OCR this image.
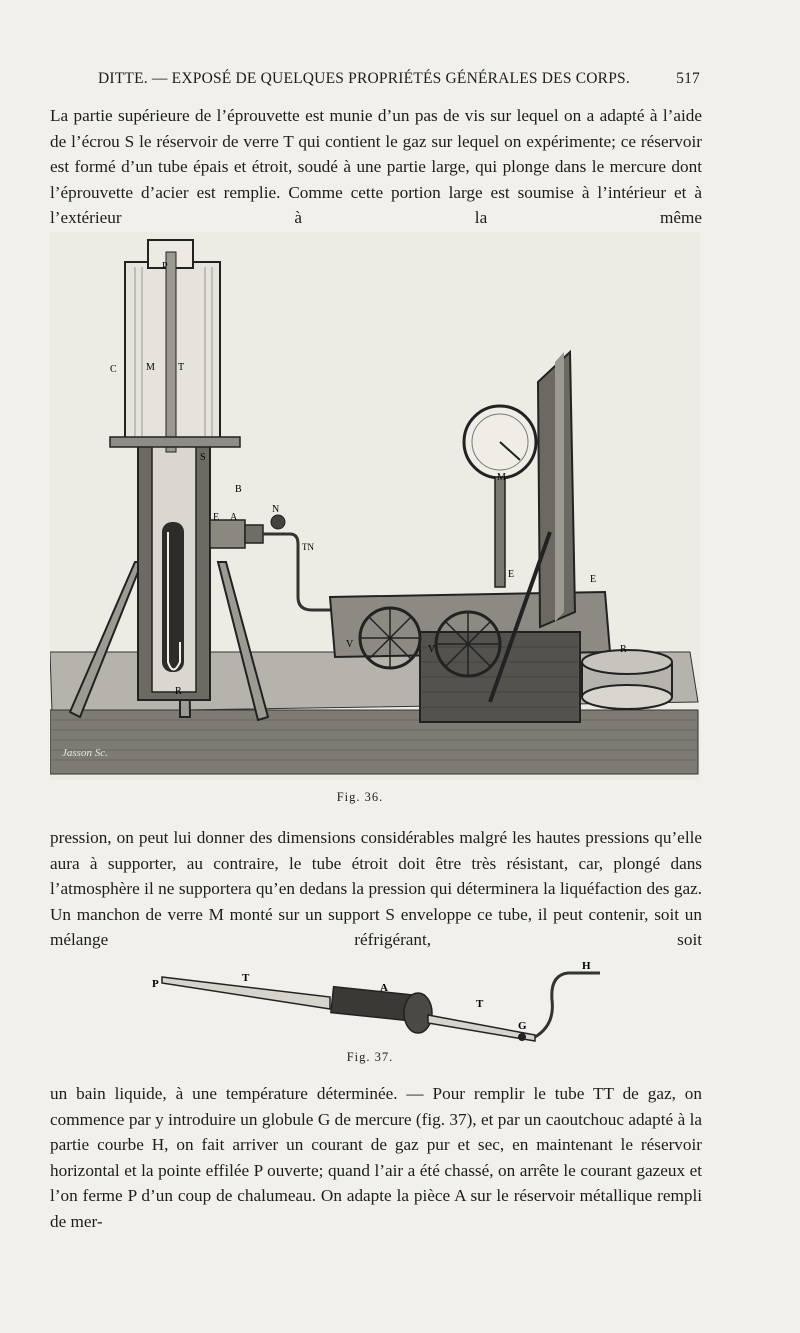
DITTE. — EXPOSÉ DE QUELQUES PROPRIÉTÉS GÉNÉRALES DES CORPS.	517
La partie supérieure de l’éprouvette est munie d’un pas de vis sur lequel on a adapté à l’aide de l’écrou S le réservoir de verre T qui contient le gaz sur lequel on expérimente; ce réservoir est formé d’un tube épais et étroit, soudé à une partie large, qui plonge dans le mercure dont l’éprouvette d’acier est remplie. Comme cette portion large est soumise à l’intérieur et à l’extérieur à la même
P
C	M T
S
B
E A
N
TN
R
M
E	E
V	V	R
Jasson Sc.
Fig. 36.
pression, on peut lui donner des dimensions considérables malgré les hautes pressions qu’elle aura à supporter, au contraire, le tube étroit doit être très résistant, car, plongé dans l’atmosphère il ne supportera qu’en dedans la pression qui déterminera la liquéfaction des gaz. Un manchon de verre M monté sur un support S enveloppe ce tube, il peut contenir, soit un mélange réfrigérant, soit
P	T
A
T
H
G
Fig. 37.
un bain liquide, à une température déterminée. — Pour remplir le tube TT de gaz, on commence par y introduire un globule G de mercure (fig. 37), et par un caoutchouc adapté à la partie courbe H, on fait arriver un courant de gaz pur et sec, en maintenant le réservoir horizontal et la pointe effilée P ouverte; quand l’air a été chassé, on arrête le courant gazeux et l’on ferme P d’un coup de chalumeau. On adapte la pièce A sur le réservoir métallique rempli de mer-
